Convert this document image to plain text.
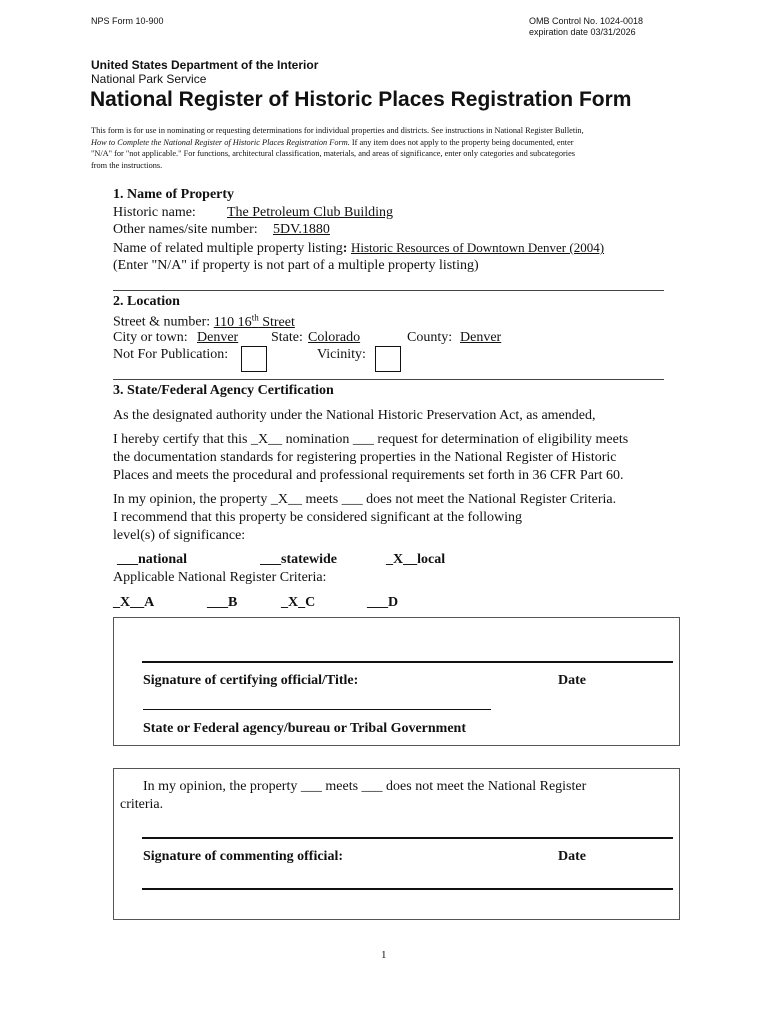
NPS Form 10-900	OMB Control No. 1024-0018
expiration date 03/31/2026
United States Department of the Interior
National Park Service
National Register of Historic Places Registration Form
This form is for use in nominating or requesting determinations for individual properties and districts. See instructions in National Register Bulletin,
How to Complete the National Register of Historic Places Registration Form. If any item does not apply to the property being documented, enter
"N/A" for "not applicable." For functions, architectural classification, materials, and areas of significance, enter only categories and subcategories
from the instructions.
1. Name of Property
Historic name: The Petroleum Club Building
Other names/site number: 5DV.1880
Name of related multiple property listing: Historic Resources of Downtown Denver (2004)
(Enter "N/A" if property is not part of a multiple property listing)
2. Location
Street & number: 110 16th Street
City or town: Denver State: Colorado	County: Denver
Not For Publication:	Vicinity:
3. State/Federal Agency Certification
As the designated authority under the National Historic Preservation Act, as amended,
I hereby certify that this _X__ nomination ___ request for determination of eligibility meets
the documentation standards for registering properties in the National Register of Historic
Places and meets the procedural and professional requirements set forth in 36 CFR Part 60.
In my opinion, the property _X__ meets ___ does not meet the National Register Criteria.
I recommend that this property be considered significant at the following
level(s) of significance:
___national	___statewide	_X__local
Applicable National Register Criteria:
_X__A	___B	_X_C	___D
Signature of certifying official/Title:	Date
State or Federal agency/bureau or Tribal Government
In my opinion, the property ___ meets ___ does not meet the National Register
criteria.
Signature of commenting official:	Date
1
